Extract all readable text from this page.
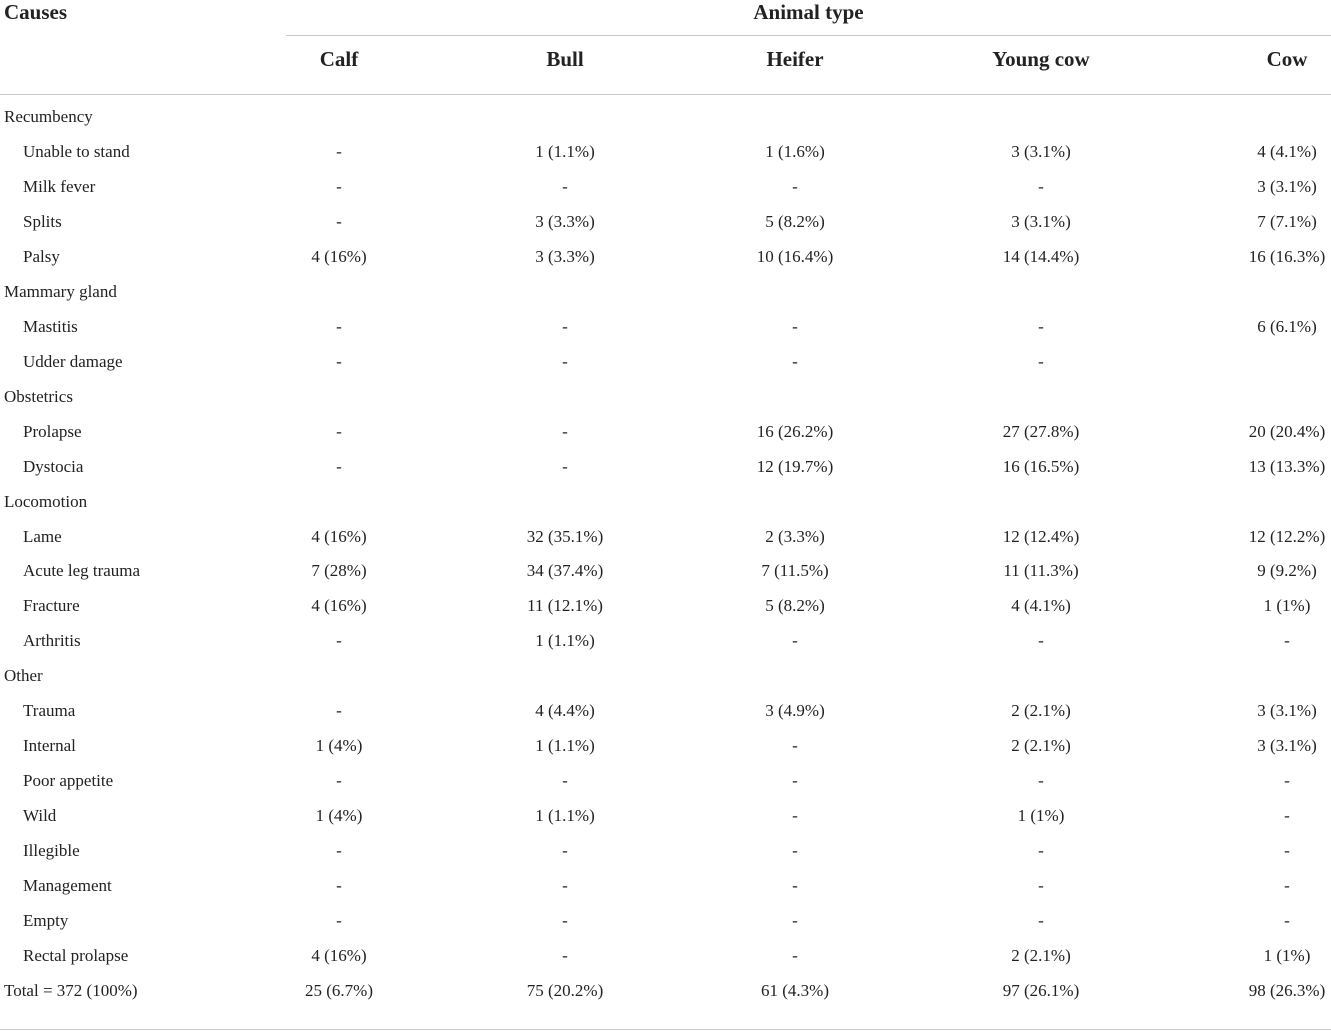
Causes	Animal type
Calf	Bull	Heifer	Young cow	Cow
Recumbency
Unable to stand	-	1 (1.1%)	1 (1.6%)	3 (3.1%)	4 (4.1%)
Milk fever	-	-	-	-	3 (3.1%)
Splits	-	3 (3.3%)	5 (8.2%)	3 (3.1%)	7 (7.1%)
Palsy	4 (16%)	3 (3.3%)	10 (16.4%)	14 (14.4%)	16 (16.3%)
Mammary gland
Mastitis	-	-	-	-	6 (6.1%)
Udder damage	-	-	-	-
Obstetrics
Prolapse	-	-	16 (26.2%)	27 (27.8%)	20 (20.4%)
Dystocia	-	-	12 (19.7%)	16 (16.5%)	13 (13.3%)
Locomotion
Lame	4 (16%)	32 (35.1%)	2 (3.3%)	12 (12.4%)	12 (12.2%)
Acute leg trauma	7 (28%)	34 (37.4%)	7 (11.5%)	11 (11.3%)	9 (9.2%)
Fracture	4 (16%)	11 (12.1%)	5 (8.2%)	4 (4.1%)	1 (1%)
Arthritis	-	1 (1.1%)	-	-	-
Other
Trauma	-	4 (4.4%)	3 (4.9%)	2 (2.1%)	3 (3.1%)
Internal	1 (4%)	1 (1.1%)	-	2 (2.1%)	3 (3.1%)
Poor appetite	-	-	-	-	-
Wild	1 (4%)	1 (1.1%)	-	1 (1%)	-
Illegible	-	-	-	-	-
Management	-	-	-	-	-
Empty	-	-	-	-	-
Rectal prolapse	4 (16%)	-	-	2 (2.1%)	1 (1%)
Total = 372 (100%)	25 (6.7%)	75 (20.2%)	61 (4.3%)	97 (26.1%)	98 (26.3%)
